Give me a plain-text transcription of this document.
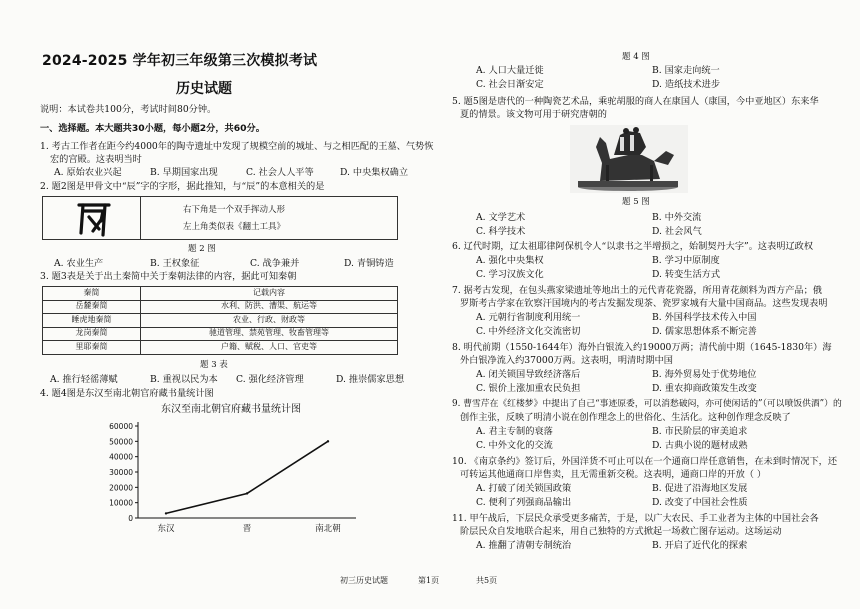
2024-2025 学年初三年级第三次模拟考试
历史试题
说明：本试卷共100分，考试时间80分钟。
一、选择题。本大题共30小题，每小题2分，共60分。
1. 考古工作者在距今约4000年的陶寺遗址中发现了规模空前的城址、与之相匹配的王墓、气势恢
宏的宫殿。这表明当时
A. 原始农业兴起	B. 早期国家出现	C. 社会人人平等	D. 中央集权确立
2. 题2图是甲骨文中“辰”字的字形，据此推知，与“辰”的本意相关的是
右下角是一个双手挥动人形
左上角类似表《翻土工具》
题 2 图
A. 农业生产	B. 王权象征	C. 战争兼并	D. 青铜铸造
3. 题3表是关于出土秦简中关于秦朝法律的内容，据此可知秦朝
秦简	记载内容
岳麓秦简	水利、防洪、漕渠、航运等
睡虎地秦简	农业、行政、财政等
龙岗秦简	驰道管理、禁苑管理、牧畜管理等
里耶秦简	户籍、赋税、人口、官吏等
题 3 表
A. 推行轻徭薄赋	B. 重视以民为本 C. 强化经济管理	D. 推崇儒家思想
4. 题4图是东汉至南北朝官府藏书量统计图
东汉至南北朝官府藏书量统计图
0
10000
20000
30000
40000
50000
60000
东汉	晋	南北朝
题 4 图
A. 人口大量迁徙	B. 国家走向统一
C. 社会日渐安定	D. 造纸技术进步
5. 题5图是唐代的一种陶瓷艺术品，乘驼胡服的商人在康国人（康国，今中亚地区）东来华
夏的情景。该文物可用于研究唐朝的
题 5 图
A. 文学艺术	B. 中外交流
C. 科学技术	D. 社会风气
6. 辽代时期，辽太祖耶律阿保机令人“以隶书之半增损之，始制契丹大字”。这表明辽政权
A. 强化中央集权	B. 学习中原制度
C. 学习汉族文化	D. 转变生活方式
7. 据考古发现，在包头燕家梁遗址等地出土的元代青花瓷器，所用青花颜料为西方产品；俄
罗斯考古学家在钦察汗国境内的考古发掘发现茶、瓷罗家城有大量中国商品。这些发现表明
A. 元朝行省制度利用统一	B. 外国科学技术传入中国
C. 中外经济文化交流密切	D. 儒家思想体系不断完善
8. 明代前期（1550-1644年）海外白银流入约19000万两；清代前中期（1645-1830年）海
外白银净流入约37000万两。这表明，明清时期中国
A. 闭关锁国导致经济落后	B. 海外贸易处于优势地位
C. 银价上涨加重农民负担	D. 重农抑商政策发生改变
9. 曹雪芹在《红楼梦》中提出了自己“事迹原委，可以消愁破闷，亦可使闲话的”（可以喷饭供酒”）的
创作主张，反映了明清小说在创作理念上的世俗化、生活化。这种创作理念反映了
A. 君主专制的衰落	B. 市民阶层的审美追求
C. 中外文化的交流	D. 古典小说的题材成熟
10. 《南京条约》签订后，外国洋货不可止可以在一个通商口岸任意销售，在未到时情况下，还
可转运其他通商口岸售卖，且无需重新交税。这表明，通商口岸的开放（ ）
A. 打破了闭关锁国政策	B. 促进了沿海地区发展
C. 便利了列强商品输出	D. 改变了中国社会性质
11. 甲午战后，下层民众承受更多痛苦，于是，以广大农民、手工业者为主体的中国社会各
阶层民众自发地联合起来，用自己独特的方式掀起一场救亡图存运动。这场运动
A. 推翻了清朝专制统治	B. 开启了近代化的探索
初三历史试题	第1页	共5页
